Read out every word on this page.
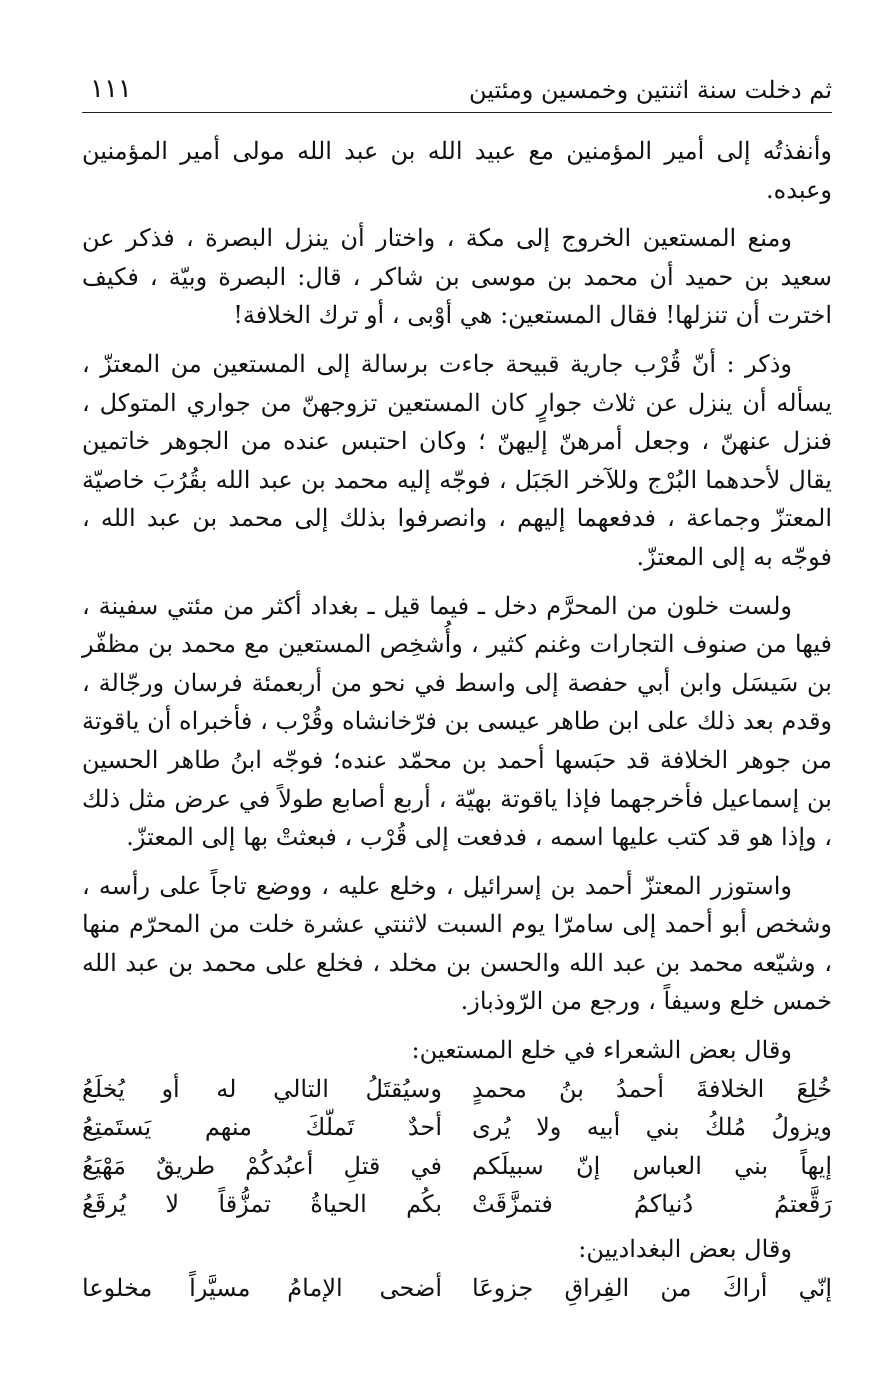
ثم دخلت سنة اثنتين وخمسين ومئتين
١١١

وأنفذتُه إلى أمير المؤمنين مع عبيد الله بن عبد الله مولى أمير المؤمنين وعبده.

ومنع المستعين الخروج إلى مكة ، واختار أن ينزل البصرة ، فذكر عن سعيد بن حميد أن محمد بن موسى بن شاكر ، قال: البصرة وبيّة ، فكيف اخترت أن تنزلها! فقال المستعين: هي أوْبى ، أو ترك الخلافة!

وذكر : أنّ قُرْب جارية قبيحة جاءت برسالة إلى المستعين من المعتزّ ، يسأله أن ينزل عن ثلاث جوارٍ كان المستعين تزوجهنّ من جواري المتوكل ، فنزل عنهنّ ، وجعل أمرهنّ إليهنّ ؛ وكان احتبس عنده من الجوهر خاتمين يقال لأحدهما البُرْج وللآخر الجَبَل ، فوجّه إليه محمد بن عبد الله بقُرُبَ خاصيّة المعتزّ وجماعة ، فدفعهما إليهم ، وانصرفوا بذلك إلى محمد بن عبد الله ، فوجّه به إلى المعتزّ.

ولست خلون من المحرَّم دخل ـ فيما قيل ـ بغداد أكثر من مئتي سفينة ، فيها من صنوف التجارات وغنم كثير ، وأُشخِص المستعين مع محمد بن مظفّر بن سَيسَل وابن أبي حفصة إلى واسط في نحو من أربعمئة فرسان ورجّالة ، وقدم بعد ذلك على ابن طاهر عيسى بن فرّخانشاه وقُرْب ، فأخبراه أن ياقوتة من جوهر الخلافة قد حبَسها أحمد بن محمّد عنده؛ فوجّه ابنُ طاهر الحسين بن إسماعيل فأخرجهما فإذا ياقوتة بهيّة ، أربع أصابع طولاً في عرض مثل ذلك ، وإذا هو قد كتب عليها اسمه ، فدفعت إلى قُرْب ، فبعثتْ بها إلى المعتزّ.

واستوزر المعتزّ أحمد بن إسرائيل ، وخلع عليه ، ووضع تاجاً على رأسه ، وشخص أبو أحمد إلى سامرّا يوم السبت لاثنتي عشرة خلت من المحرّم منها ، وشيّعه محمد بن عبد الله والحسن بن مخلد ، فخلع على محمد بن عبد الله خمس خلع وسيفاً ، ورجع من الرّوذباز.

وقال بعض الشعراء في خلع المستعين:

خُلِعَ الخلافةَ أحمدُ بنُ محمدٍ
وسيُقتَلُ التالي له أو يُخلَعُ
ويزولُ مُلكُ بني أبيه ولا يُرى
أحدٌ تَملَّكَ منهم يَستَمتِعُ
إيهاً بني العباس إنّ سبيلَكم
في قتلِ أعبُدكُمْ طريقٌ مَهْيَعُ
رَقَّعتمُ دُنياكمُ فتمزَّقَتْ
بكُم الحياةُ تمزُّقاً لا يُرقَعُ

وقال بعض البغداديين:

إنّي أراكَ من الفِراقِ جزوعَا
أضحى الإمامُ مسيَّراً مخلوعا
